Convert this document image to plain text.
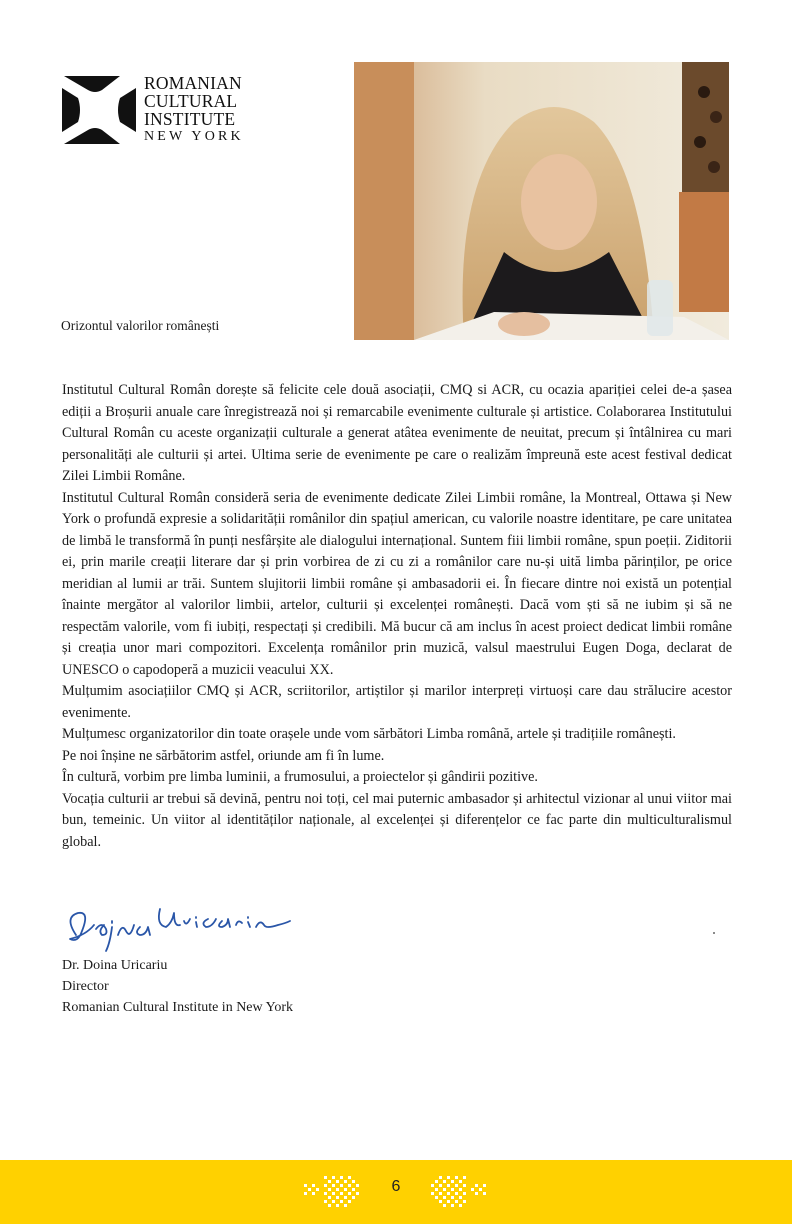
ROMANIAN
CULTURAL
INSTITUTE
NEW YORK
Orizontul valorilor românești

Institutul Cultural Român dorește să felicite cele două asociații, CMQ si ACR, cu ocazia apariției celei de-a șasea ediții a Broșurii anuale care înregistrează noi și remarcabile evenimente culturale și artistice. Colaborarea Institutului Cultural Român cu aceste organizații culturale a generat atâtea evenimente de neuitat, precum și întâlnirea cu mari personalități ale culturii și artei. Ultima serie de evenimente pe care o realizăm împreună este acest festival dedicat Zilei Limbii Române.

Institutul Cultural Român consideră seria de evenimente dedicate Zilei Limbii române, la Montreal, Ottawa și New York o profundă expresie a solidarității românilor din spațiul american, cu valorile noastre identitare, pe care unitatea de limbă le transformă în punți nesfârșite ale dialogului internațional. Suntem fiii limbii române, spun poeții. Ziditorii ei, prin marile creații literare dar și prin vorbirea de zi cu zi a românilor care nu-și uită limba părinților, pe orice meridian al lumii ar trăi. Suntem slujitorii limbii române și ambasadorii ei. În fiecare dintre noi există un potențial înainte mergător al valorilor limbii, artelor, culturii și excelenței românești. Dacă vom ști să ne iubim și să ne respectăm valorile, vom fi iubiți, respectați și credibili. Mă bucur că am inclus în acest proiect dedicat limbii române și creația unor mari compozitori. Excelența românilor prin muzică, valsul maestrului Eugen Doga, declarat de UNESCO o capodoperă a muzicii veacului XX.

Mulțumim asociațiilor CMQ și ACR, scriitorilor, artiștilor și marilor interpreți virtuoși care dau strălucire acestor evenimente.

Mulțumesc organizatorilor din toate orașele unde vom sărbători Limba română, artele și tradițiile românești.

Pe noi înșine ne sărbătorim astfel, oriunde am fi în lume.

În cultură, vorbim pre limba luminii, a frumosului, a proiectelor și gândirii pozitive.

Vocația culturii ar trebui să devină, pentru noi toți, cel mai puternic ambasador și arhitectul vizionar al unui viitor mai bun, temeinic. Un viitor al identităților naționale, al excelenței și diferențelor ce fac parte din multiculturalismul global.

Dr. Doina Uricariu
Director
Romanian Cultural Institute in New York
6
